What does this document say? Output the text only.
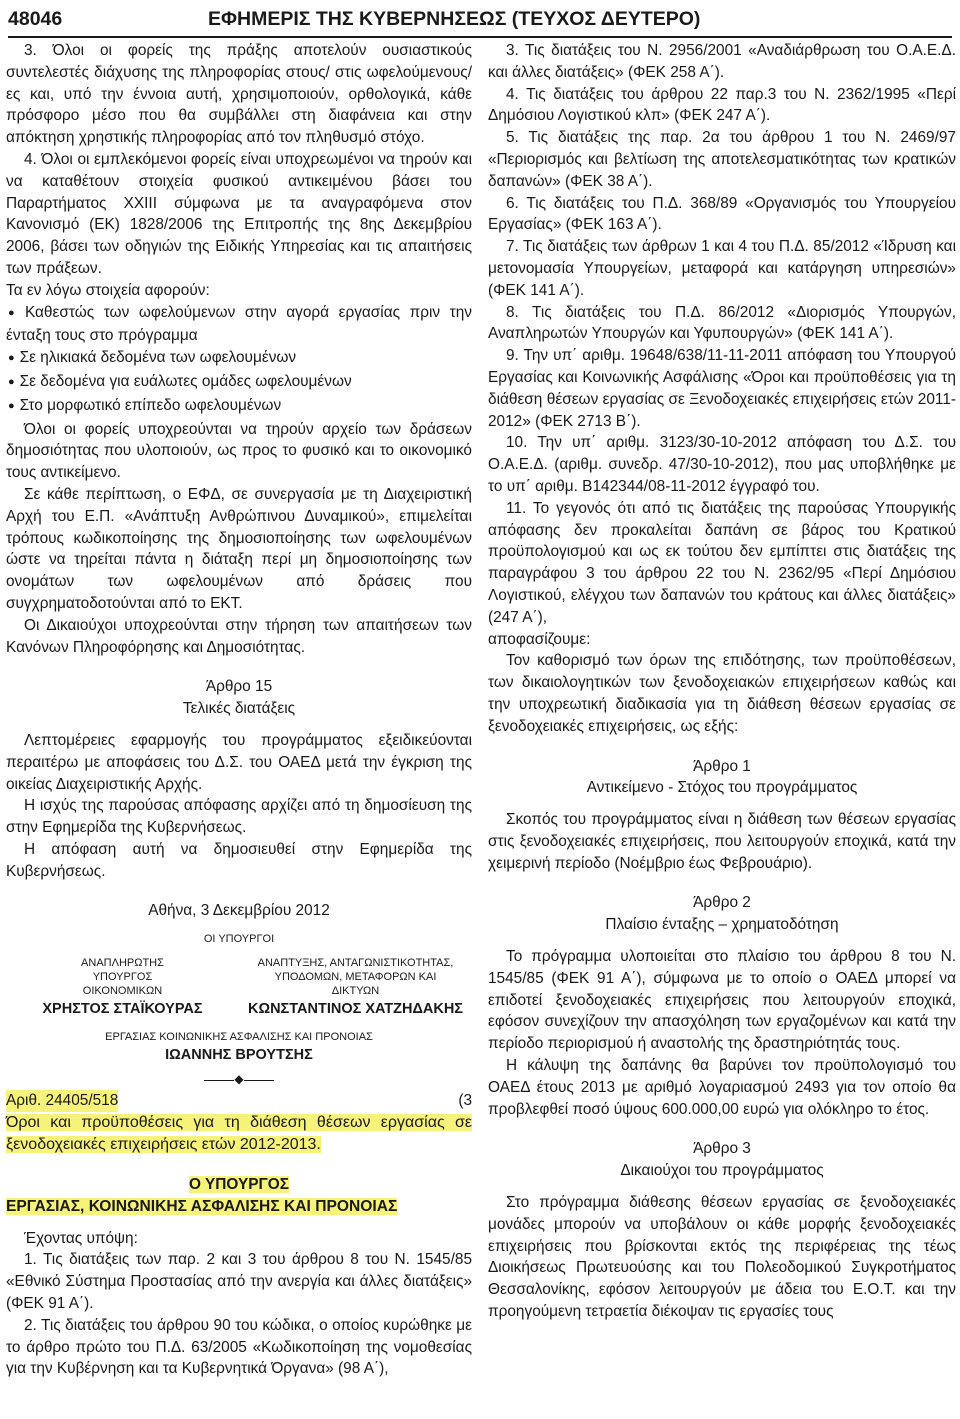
48046	ΕΦΗΜΕΡΙΣ ΤΗΣ ΚΥΒΕΡΝΗΣΕΩΣ (ΤΕΥΧΟΣ ΔΕΥΤΕΡΟ)

3. Όλοι οι φορείς της πράξης αποτελούν ουσιαστικούς συντελεστές διάχυσης της πληροφορίας στους/ στις ωφελούμενους/ες και, υπό την έννοια αυτή, χρησιμοποιούν, ορθολογικά, κάθε πρόσφορο μέσο που θα συμβάλλει στη διαφάνεια και στην απόκτηση χρηστικής πληροφορίας από τον πληθυσμό στόχο.

4. Όλοι οι εμπλεκόμενοι φορείς είναι υποχρεωμένοι να τηρούν και να καταθέτουν στοιχεία φυσικού αντικειμένου βάσει του Παραρτήματος XXIII σύμφωνα με τα αναγραφόμενα στον Κανονισμό (ΕΚ) 1828/2006 της Επιτροπής της 8ης Δεκεμβρίου 2006, βάσει των οδηγιών της Ειδικής Υπηρεσίας και τις απαιτήσεις των πράξεων.

Τα εν λόγω στοιχεία αφορούν:

● Καθεστώς των ωφελούμενων στην αγορά εργασίας πριν την ένταξη τους στο πρόγραμμα

● Σε ηλικιακά δεδομένα των ωφελουμένων

● Σε δεδομένα για ευάλωτες ομάδες ωφελουμένων

● Στο μορφωτικό επίπεδο ωφελουμένων

Όλοι οι φορείς υποχρεούνται να τηρούν αρχείο των δράσεων δημοσιότητας που υλοποιούν, ως προς το φυσικό και το οικονομικό τους αντικείμενο.

Σε κάθε περίπτωση, ο ΕΦΔ, σε συνεργασία με τη Διαχειριστική Αρχή του Ε.Π. «Ανάπτυξη Ανθρώπινου Δυναμικού», επιμελείται τρόπους κωδικοποίησης της δημοσιοποίησης των ωφελουμένων ώστε να τηρείται πάντα η διάταξη περί μη δημοσιοποίησης των ονομάτων των ωφελουμένων από δράσεις που συγχρηματοδοτούνται από το ΕΚΤ.

Οι Δικαιούχοι υποχρεούνται στην τήρηση των απαιτήσεων των Κανόνων Πληροφόρησης και Δημοσιότητας.

Άρθρο 15

Τελικές διατάξεις

Λεπτομέρειες εφαρμογής του προγράμματος εξειδικεύονται περαιτέρω με αποφάσεις του Δ.Σ. του ΟΑΕΔ μετά την έγκριση της οικείας Διαχειριστικής Αρχής.

Η ισχύς της παρούσας απόφασης αρχίζει από τη δημοσίευση της στην Εφημερίδα της Κυβερνήσεως.

Η απόφαση αυτή να δημοσιευθεί στην Εφημερίδα της Κυβερνήσεως.

Αθήνα, 3 Δεκεμβρίου 2012

ΟΙ ΥΠΟΥΡΓΟΙ
ΑΝΑΠΛΗΡΩΤΗΣ ΥΠΟΥΡΓΟΣ ΟΙΚΟΝΟΜΙΚΩΝ
ΧΡΗΣΤΟΣ ΣΤΑΪΚΟΥΡΑΣ
ΑΝΑΠΤΥΞΗΣ, ΑΝΤΑΓΩΝΙΣΤΙΚΟΤΗΤΑΣ, ΥΠΟΔΟΜΩΝ, ΜΕΤΑΦΟΡΩΝ ΚΑΙ ΔΙΚΤΥΩΝ
ΚΩΝΣΤΑΝΤΙΝΟΣ ΧΑΤΖΗΔΑΚΗΣ
ΕΡΓΑΣΙΑΣ ΚΟΙΝΩΝΙΚΗΣ ΑΣΦΑΛΙΣΗΣ ΚΑΙ ΠΡΟΝΟΙΑΣ
ΙΩΑΝΝΗΣ ΒΡΟΥΤΣΗΣ
◆
Αριθ. 24405/518	(3

Όροι και προϋποθέσεις για τη διάθεση θέσεων εργασίας σε ξενοδοχειακές επιχειρήσεις ετών 2012-2013.

Ο ΥΠΟΥΡΓΟΣ

ΕΡΓΑΣΙΑΣ, ΚΟΙΝΩΝΙΚΗΣ ΑΣΦΑΛΙΣΗΣ ΚΑΙ ΠΡΟΝΟΙΑΣ

Έχοντας υπόψη:

1. Τις διατάξεις των παρ. 2 και 3 του άρθρου 8 του Ν. 1545/85 «Εθνικό Σύστημα Προστασίας από την ανεργία και άλλες διατάξεις» (ΦΕΚ 91 Α΄).

2. Τις διατάξεις του άρθρου 90 του κώδικα, ο οποίος κυρώθηκε με το άρθρο πρώτο του Π.Δ. 63/2005 «Κωδικοποίηση της νομοθεσίας για την Κυβέρνηση και τα Κυβερνητικά Όργανα» (98 Α΄),

3. Τις διατάξεις του Ν. 2956/2001 «Αναδιάρθρωση του Ο.Α.Ε.Δ. και άλλες διατάξεις» (ΦΕΚ 258 Α΄).

4. Τις διατάξεις του άρθρου 22 παρ.3 του Ν. 2362/1995 «Περί Δημόσιου Λογιστικού κλπ» (ΦΕΚ 247 Α΄).

5. Τις διατάξεις της παρ. 2α του άρθρου 1 του Ν. 2469/97 «Περιορισμός και βελτίωση της αποτελεσματικότητας των κρατικών δαπανών» (ΦΕΚ 38 Α΄).

6. Τις διατάξεις του Π.Δ. 368/89 «Οργανισμός του Υπουργείου Εργασίας» (ΦΕΚ 163 Α΄).

7. Τις διατάξεις των άρθρων 1 και 4 του Π.Δ. 85/2012 «Ίδρυση και μετονομασία Υπουργείων, μεταφορά και κατάργηση υπηρεσιών» (ΦΕΚ 141 Α΄).

8. Τις διατάξεις του Π.Δ. 86/2012 «Διορισμός Υπουργών, Αναπληρωτών Υπουργών και Υφυπουργών» (ΦΕΚ 141 Α΄).

9. Την υπ΄ αριθμ. 19648/638/11-11-2011 απόφαση του Υπουργού Εργασίας και Κοινωνικής Ασφάλισης «Όροι και προϋποθέσεις για τη διάθεση θέσεων εργασίας σε Ξενοδοχειακές επιχειρήσεις ετών 2011-2012» (ΦΕΚ 2713 Β΄).

10. Την υπ΄ αριθμ. 3123/30-10-2012 απόφαση του Δ.Σ. του Ο.Α.Ε.Δ. (αριθμ. συνεδρ. 47/30-10-2012), που μας υποβλήθηκε με το υπ΄ αριθμ. Β142344/08-11-2012 έγγραφό του.

11. Το γεγονός ότι από τις διατάξεις της παρούσας Υπουργικής απόφασης δεν προκαλείται δαπάνη σε βάρος του Κρατικού προϋπολογισμού και ως εκ τούτου δεν εμπίπτει στις διατάξεις της παραγράφου 3 του άρθρου 22 του Ν. 2362/95 «Περί Δημόσιου Λογιστικού, ελέγχου των δαπανών του κράτους και άλλες διατάξεις» (247 Α΄),

αποφασίζουμε:

Τον καθορισμό των όρων της επιδότησης, των προϋποθέσεων, των δικαιολογητικών των ξενοδοχειακών επιχειρήσεων καθώς και την υποχρεωτική διαδικασία για τη διάθεση θέσεων εργασίας σε ξενοδοχειακές επιχειρήσεις, ως εξής:

Άρθρο 1

Αντικείμενο - Στόχος του προγράμματος

Σκοπός του προγράμματος είναι η διάθεση των θέσεων εργασίας στις ξενοδοχειακές επιχειρήσεις, που λειτουργούν εποχικά, κατά την χειμερινή περίοδο (Νοέμβριο έως Φεβρουάριο).

Άρθρο 2

Πλαίσιο ένταξης – χρηματοδότηση

Το πρόγραμμα υλοποιείται στο πλαίσιο του άρθρου 8 του Ν. 1545/85 (ΦΕΚ 91 Α΄), σύμφωνα με το οποίο ο ΟΑΕΔ μπορεί να επιδοτεί ξενοδοχειακές επιχειρήσεις που λειτουργούν εποχικά, εφόσον συνεχίζουν την απασχόληση των εργαζομένων και κατά την περίοδο περιορισμού ή αναστολής της δραστηριότητάς τους.

Η κάλυψη της δαπάνης θα βαρύνει τον προϋπολογισμό του ΟΑΕΔ έτους 2013 με αριθμό λογαριασμού 2493 για τον οποίο θα προβλεφθεί ποσό ύψους 600.000,00 ευρώ για ολόκληρο το έτος.

Άρθρο 3

Δικαιούχοι του προγράμματος

Στο πρόγραμμα διάθεσης θέσεων εργασίας σε ξενοδοχειακές μονάδες μπορούν να υποβάλουν οι κάθε μορφής ξενοδοχειακές επιχειρήσεις που βρίσκονται εκτός της περιφέρειας της τέως Διοικήσεως Πρωτευούσης και του Πολεοδομικού Συγκροτήματος Θεσσαλονίκης, εφόσον λειτουργούν με άδεια του Ε.Ο.Τ. και την προηγούμενη τετραετία διέκοψαν τις εργασίες τους
